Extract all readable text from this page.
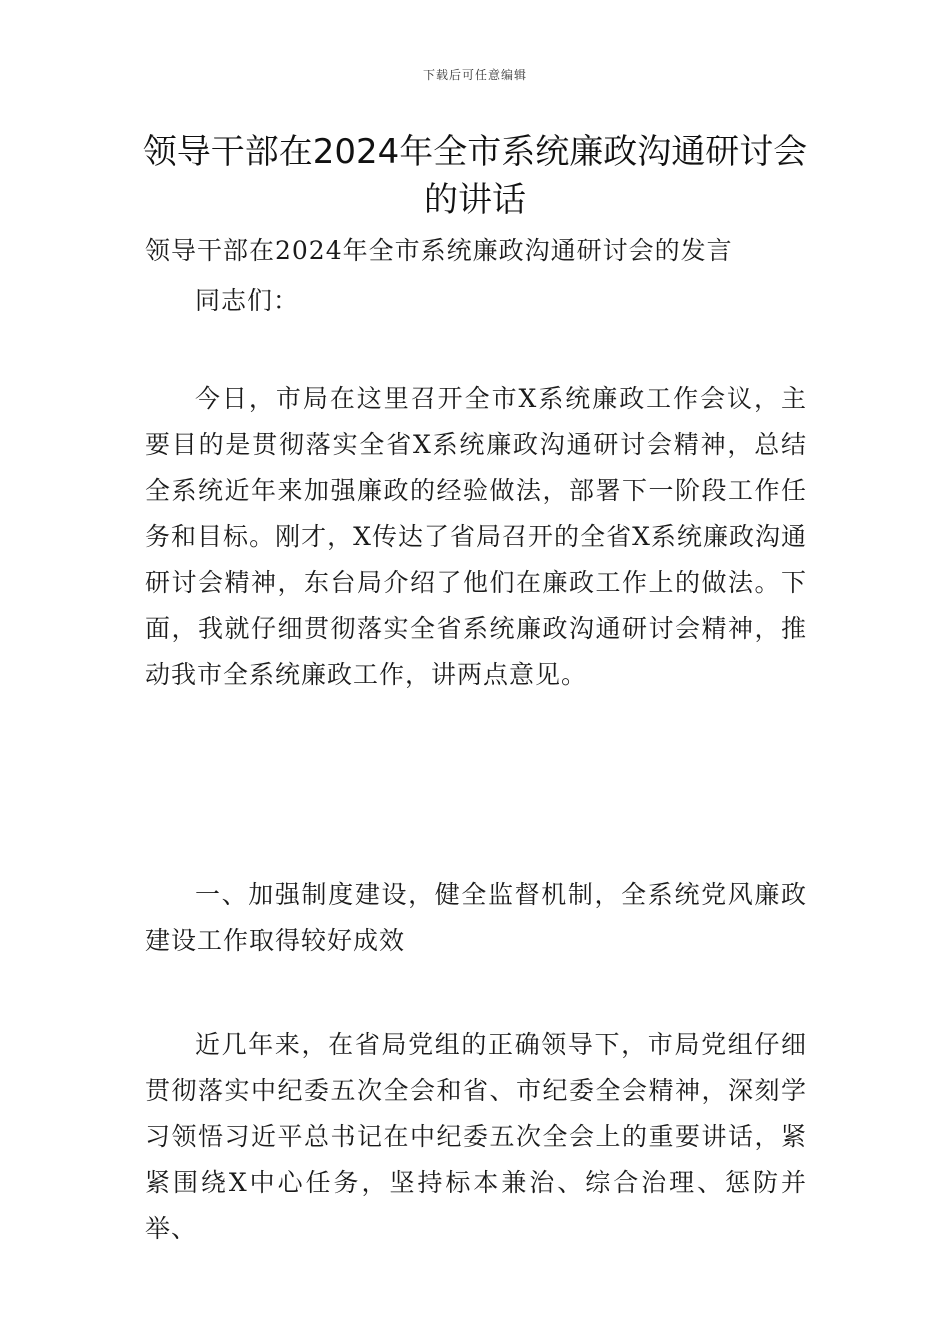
下载后可任意编辑
领导干部在2024年全市系统廉政沟通研讨会的讲话

领导干部在2024年全市系统廉政沟通研讨会的发言

同志们：

今日，市局在这里召开全市X系统廉政工作会议，主要目的是贯彻落实全省X系统廉政沟通研讨会精神，总结全系统近年来加强廉政的经验做法，部署下一阶段工作任务和目标。刚才，X传达了省局召开的全省X系统廉政沟通研讨会精神，东台局介绍了他们在廉政工作上的做法。下面，我就仔细贯彻落实全省系统廉政沟通研讨会精神，推动我市全系统廉政工作，讲两点意见。

一、加强制度建设，健全监督机制，全系统党风廉政建设工作取得较好成效

近几年来，在省局党组的正确领导下，市局党组仔细贯彻落实中纪委五次全会和省、市纪委全会精神，深刻学习领悟习近平总书记在中纪委五次全会上的重要讲话，紧紧围绕X中心任务，坚持标本兼治、综合治理、惩防并举、
